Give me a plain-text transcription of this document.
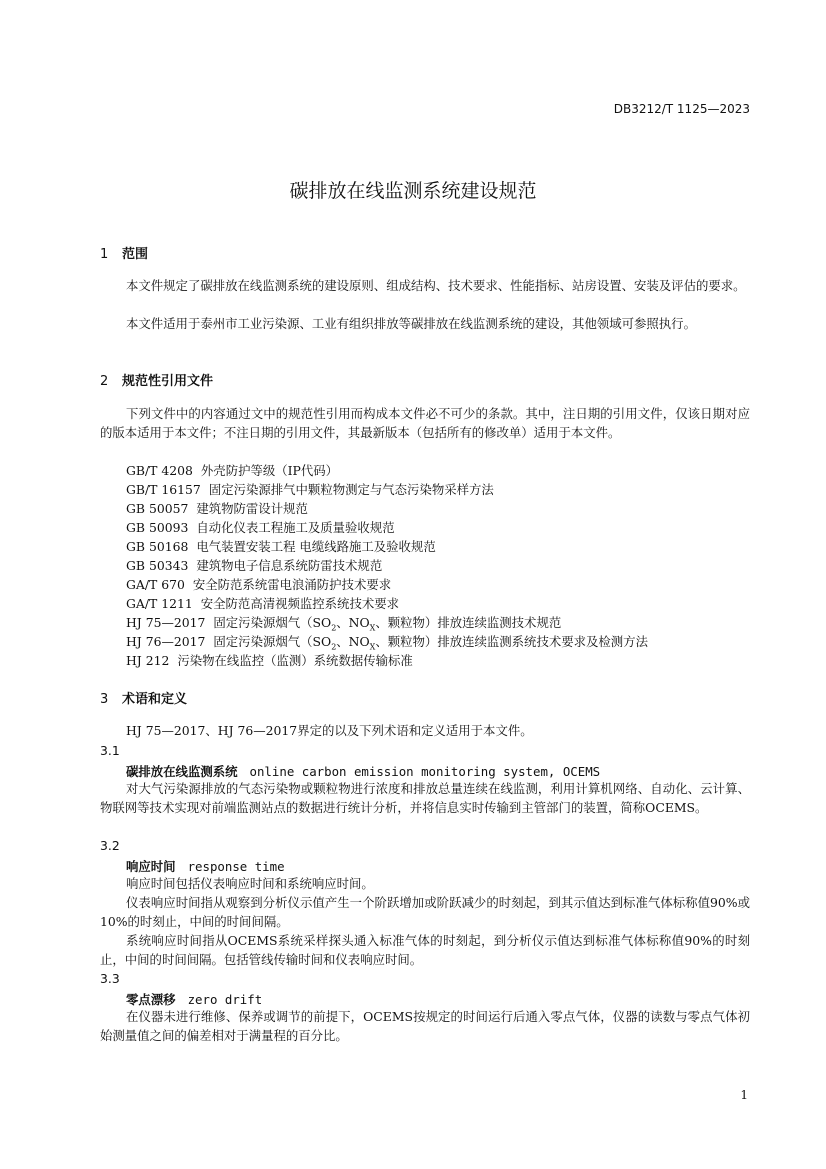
DB3212/T 1125—2023
碳排放在线监测系统建设规范
1 范围
本文件规定了碳排放在线监测系统的建设原则、组成结构、技术要求、性能指标、站房设置、安装及评估的要求。
本文件适用于泰州市工业污染源、工业有组织排放等碳排放在线监测系统的建设，其他领域可参照执行。
2 规范性引用文件
下列文件中的内容通过文中的规范性引用而构成本文件必不可少的条款。其中，注日期的引用文件，仅该日期对应的版本适用于本文件；不注日期的引用文件，其最新版本（包括所有的修改单）适用于本文件。
GB/T 4208 外壳防护等级（IP代码）
GB/T 16157 固定污染源排气中颗粒物测定与气态污染物采样方法
GB 50057 建筑物防雷设计规范
GB 50093 自动化仪表工程施工及质量验收规范
GB 50168 电气装置安装工程 电缆线路施工及验收规范
GB 50343 建筑物电子信息系统防雷技术规范
GA/T 670 安全防范系统雷电浪涌防护技术要求
GA/T 1211 安全防范高清视频监控系统技术要求
HJ 75—2017 固定污染源烟气（$SO_2$、$NO_X$、颗粒物）排放连续监测技术规范
HJ 76—2017 固定污染源烟气（$SO_2$、$NO_X$、颗粒物）排放连续监测系统技术要求及检测方法
HJ 212 污染物在线监控（监测）系统数据传输标准
3 术语和定义
HJ 75—2017、HJ 76—2017界定的以及下列术语和定义适用于本文件。
3.1
碳排放在线监测系统 online carbon emission monitoring system, OCEMS
对大气污染源排放的气态污染物或颗粒物进行浓度和排放总量连续在线监测，利用计算机网络、自动化、云计算、物联网等技术实现对前端监测站点的数据进行统计分析，并将信息实时传输到主管部门的装置，简称OCEMS。
3.2
响应时间 response time
响应时间包括仪表响应时间和系统响应时间。
仪表响应时间指从观察到分析仪示值产生一个阶跃增加或阶跃减少的时刻起，到其示值达到标准气体标称值90%或10%的时刻止，中间的时间间隔。
系统响应时间指从OCEMS系统采样探头通入标准气体的时刻起，到分析仪示值达到标准气体标称值90%的时刻止，中间的时间间隔。包括管线传输时间和仪表响应时间。
3.3
零点漂移 zero drift
在仪器未进行维修、保养或调节的前提下，OCEMS按规定的时间运行后通入零点气体，仪器的读数与零点气体初始测量值之间的偏差相对于满量程的百分比。
1
